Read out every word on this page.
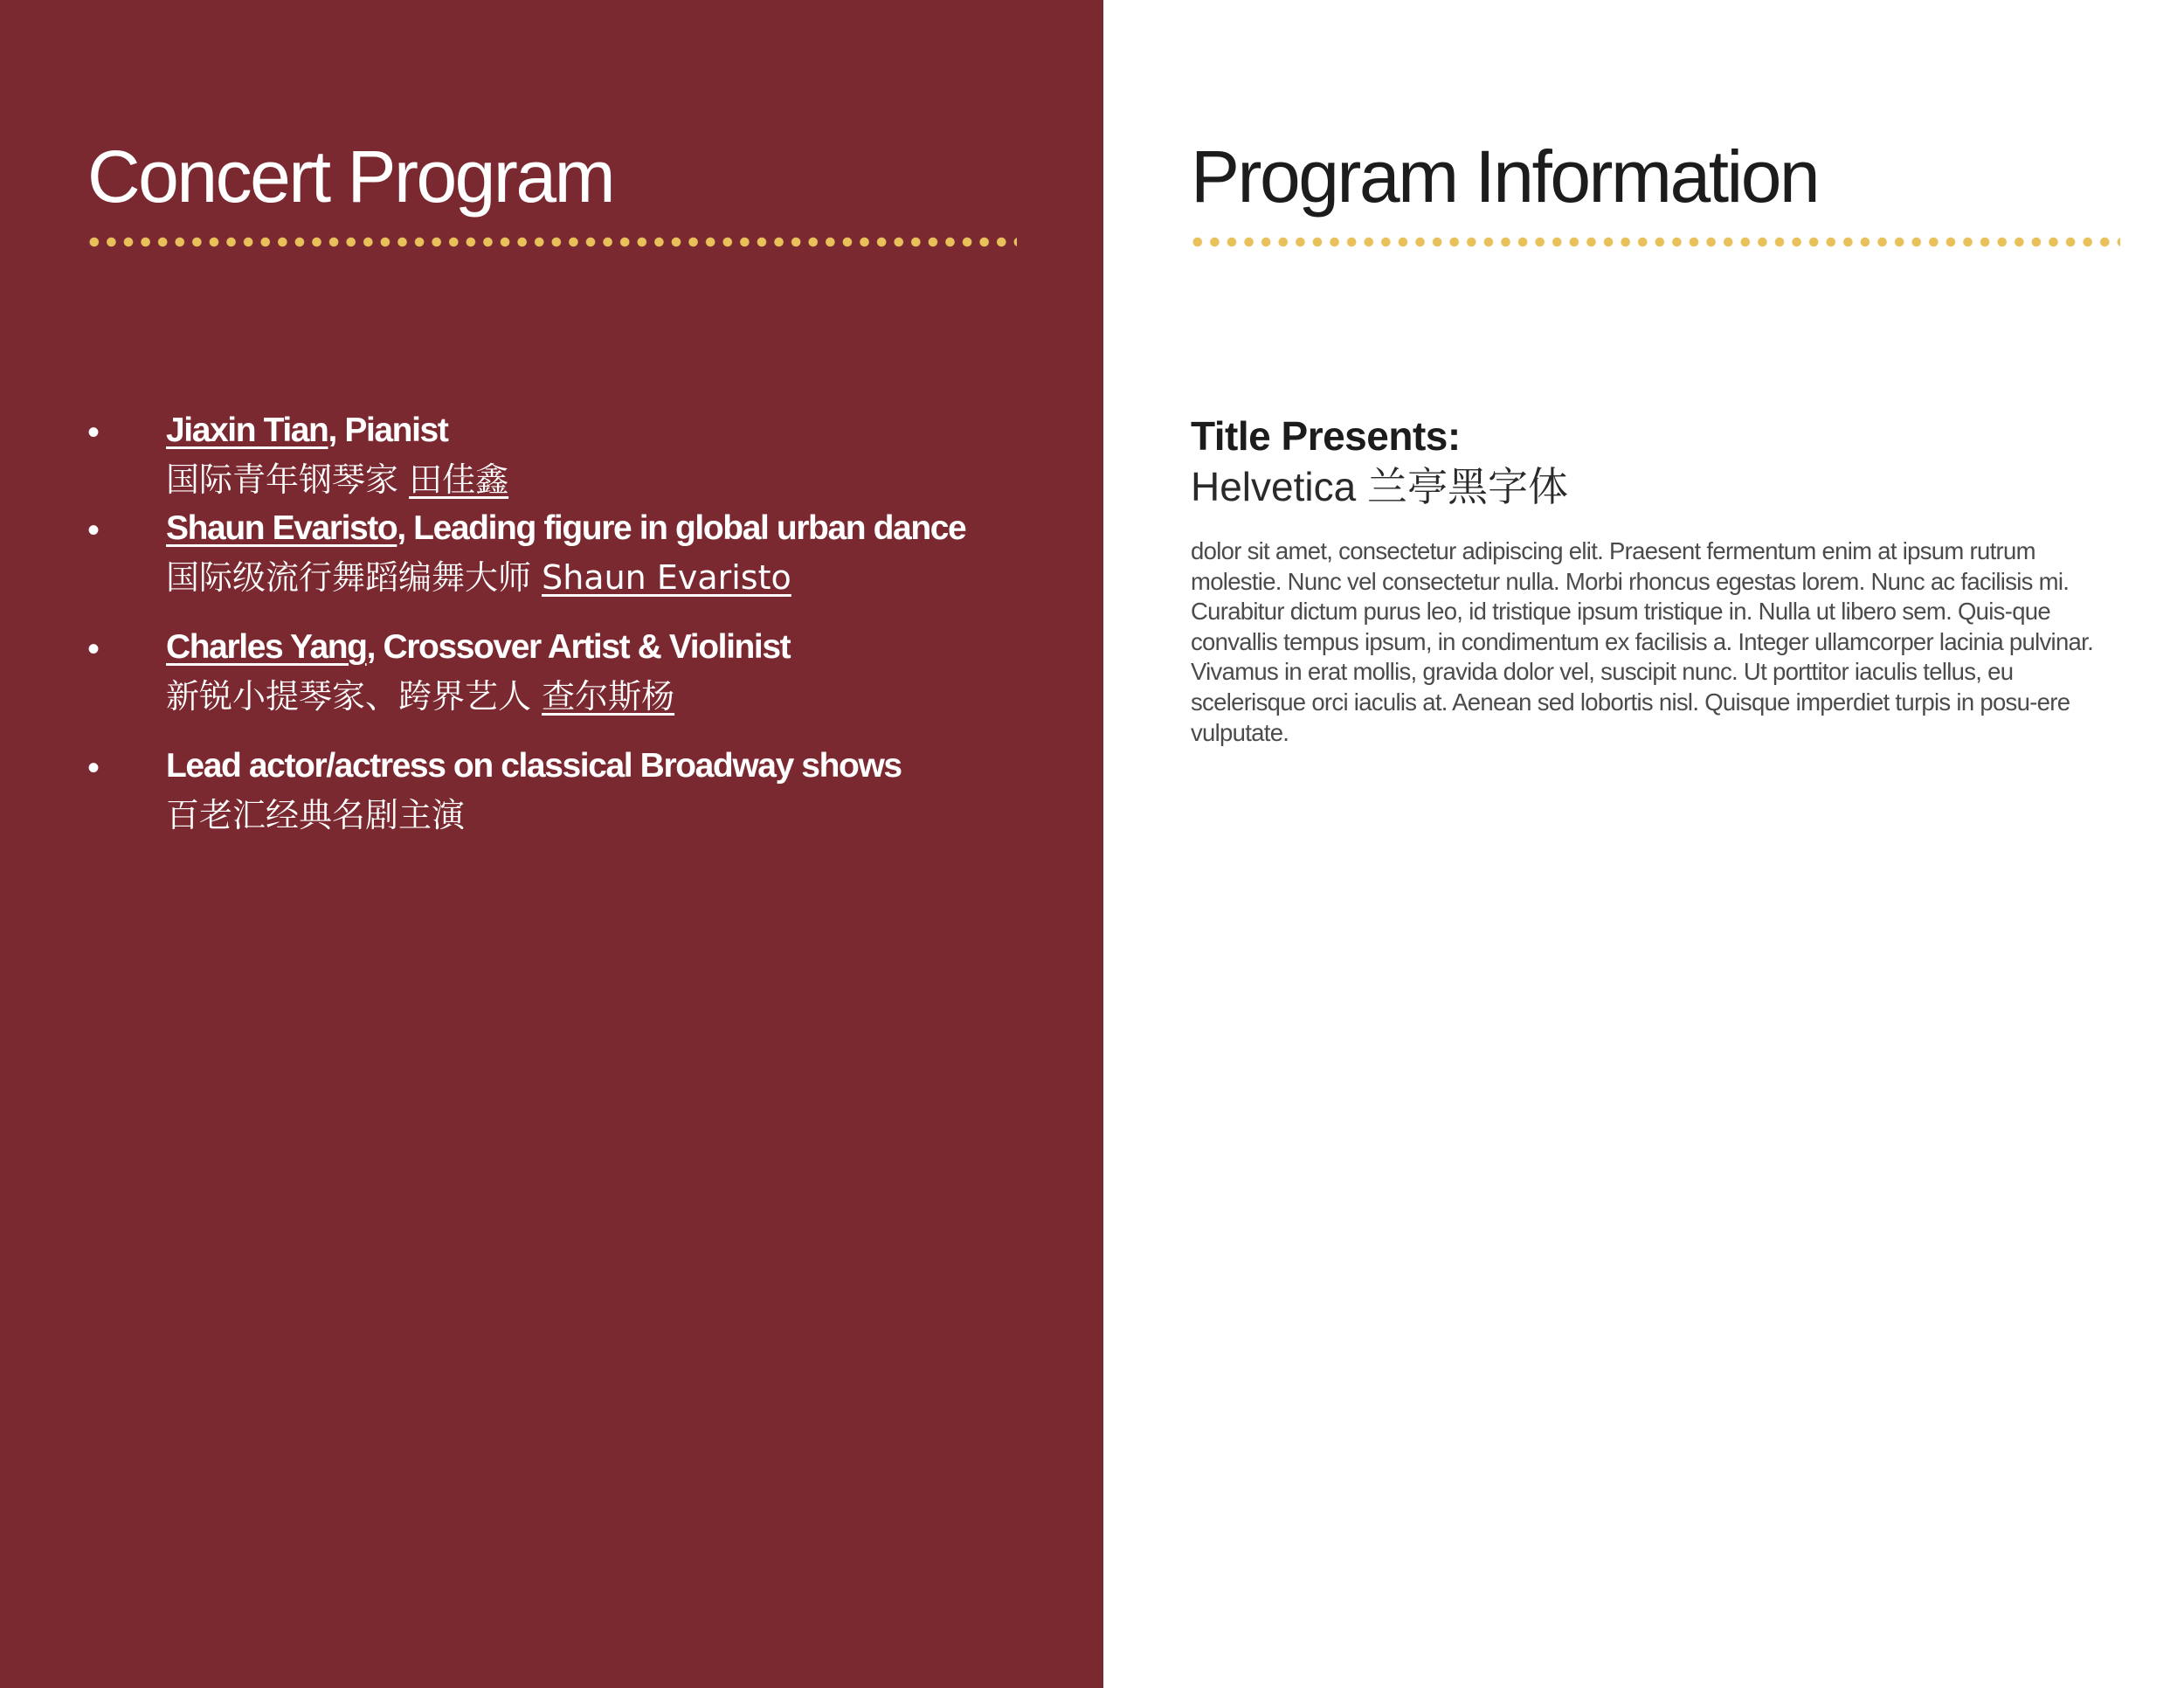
Concert Program
• Jiaxin Tian, Pianist
国际青年钢琴家 田佳鑫
• Shaun Evaristo, Leading figure in global urban dance
国际级流行舞蹈编舞大师 Shaun Evaristo
• Charles Yang, Crossover Artist & Violinist
新锐小提琴家、跨界艺人 查尔斯杨
• Lead actor/actress on classical Broadway shows
百老汇经典名剧主演
Program Information
Title Presents:
Helvetica 兰亭黑字体

dolor sit amet, consectetur adipiscing elit. Praesent fermentum enim at ipsum rutrum molestie. Nunc vel consectetur nulla. Morbi rhoncus egestas lorem. Nunc ac facilisis mi. Curabitur dictum purus leo, id tristique ipsum tristique in. Nulla ut libero sem. Quis-que convallis tempus ipsum, in condimentum ex facilisis a. Integer ullamcorper lacinia pulvinar. Vivamus in erat mollis, gravida dolor vel, suscipit nunc. Ut porttitor iaculis tellus, eu scelerisque orci iaculis at. Aenean sed lobortis nisl. Quisque imperdiet turpis in posu-ere vulputate.
